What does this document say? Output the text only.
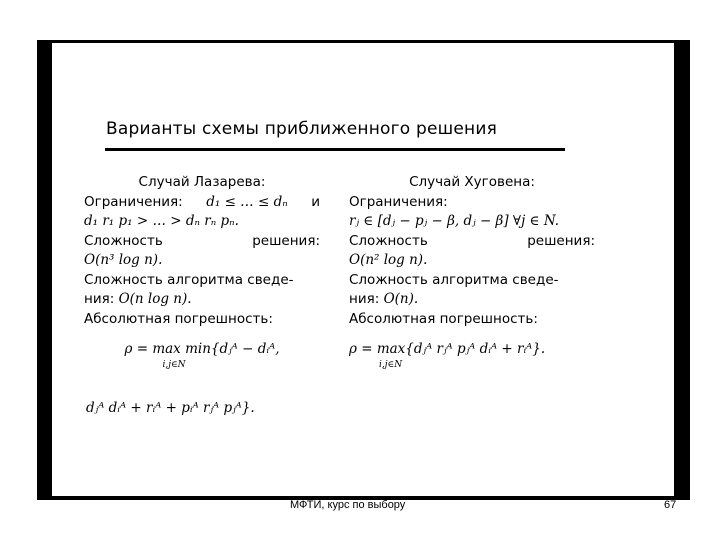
Варианты схемы приближенного решения
Случай Лазарева:
Ограничения: d₁ ≤ … ≤ dₙ и
d₁ r₁ p₁ > … > dₙ rₙ pₙ.
Сложность	решения:
O(n³ log n).
Сложность алгоритма сведе-
ния: O(n log n).
Абсолютная погрешность:
ρ = max min{dⱼᴬ − dᵢᴬ,
i,j∈N
dⱼᴬ dᵢᴬ + rᵢᴬ + pᵢᴬ rⱼᴬ pⱼᴬ}.
Случай Хуговена:
Ограничения:
rⱼ ∈ [dⱼ − pⱼ − β, dⱼ − β] ∀j ∈ N.
Сложность	решения:
O(n² log n).
Сложность алгоритма сведе-
ния: O(n).
Абсолютная погрешность:
ρ = max{dⱼᴬ rⱼᴬ pⱼᴬ dᵢᴬ + rᵢᴬ}.
i,j∈N
МФТИ, курс по выбору	67
